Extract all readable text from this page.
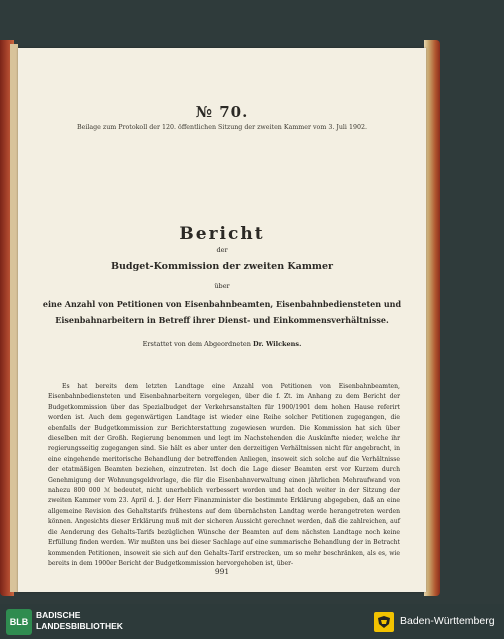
№ 70.
Beilage zum Protokoll der 120. öffentlichen Sitzung der zweiten Kammer vom 3. Juli 1902.
Bericht
der
Budget-Kommission der zweiten Kammer
über
eine Anzahl von Petitionen von Eisenbahnbeamten, Eisenbahnbediensteten und
Eisenbahnarbeitern in Betreff ihrer Dienst- und Einkommensverhältnisse.
Erstattet von dem Abgeordneten Dr. Wilckens.

Es hat bereits dem letzten Landtage eine Anzahl von Petitionen von Eisenbahnbeamten, Eisenbahnbediensteten und Eisenbahnarbeitern vorgelegen, über die f. Zt. im Anhang zu dem Bericht der Budgetkommission über das Spezialbudget der Verkehrsanstalten für 1900/1901 dem hohen Hause referirt worden ist. Auch dem gegenwärtigen Landtage ist wieder eine Reihe solcher Petitionen zugegangen, die ebenfalls der Budgetkommission zur Berichterstattung zugewiesen wurden. Die Kommission hat sich über dieselben mit der Großh. Regierung benommen und legt im Nachstehenden die Auskünfte nieder, welche ihr regierungsseitig zugegangen sind. Sie hält es aber unter den derzeitigen Verhältnissen nicht für angebracht, in eine eingehende meritorische Behandlung der betreffenden Anliegen, insoweit sich solche auf die Verhältnisse der etatmäßigen Beamten beziehen, einzutreten. Ist doch die Lage dieser Beamten erst vor Kurzem durch Genehmigung der Wohnungsgeldvorlage, die für die Eisenbahnverwaltung einen jährlichen Mehraufwand von nahezu 800 000 ℳ bedeutet, nicht unerheblich verbessert worden und hat doch weiter in der Sitzung der zweiten Kammer vom 23. April d. J. der Herr Finanzminister die bestimmte Erklärung abgegeben, daß an eine allgemeine Revision des Gehaltstarifs frühestens auf dem übernächsten Landtag werde herangetreten werden können. Angesichts dieser Erklärung muß mit der sicheren Aussicht gerechnet werden, daß die zahlreichen, auf die Aenderung des Gehalts-Tarifs bezüglichen Wünsche der Beamten auf dem nächsten Landtage noch keine Erfüllung finden werden. Wir mußten uns bei dieser Sachlage auf eine summarische Behandlung der in Betracht kommenden Petitionen, insoweit sie sich auf den Gehalts-Tarif erstrecken, um so mehr beschränken, als es, wie bereits in dem 1900er Bericht der Budgetkommission hervorgehoben ist, über-

991
BLB
BADISCHE
LANDESBIBLIOTHEK	Baden-Württemberg
